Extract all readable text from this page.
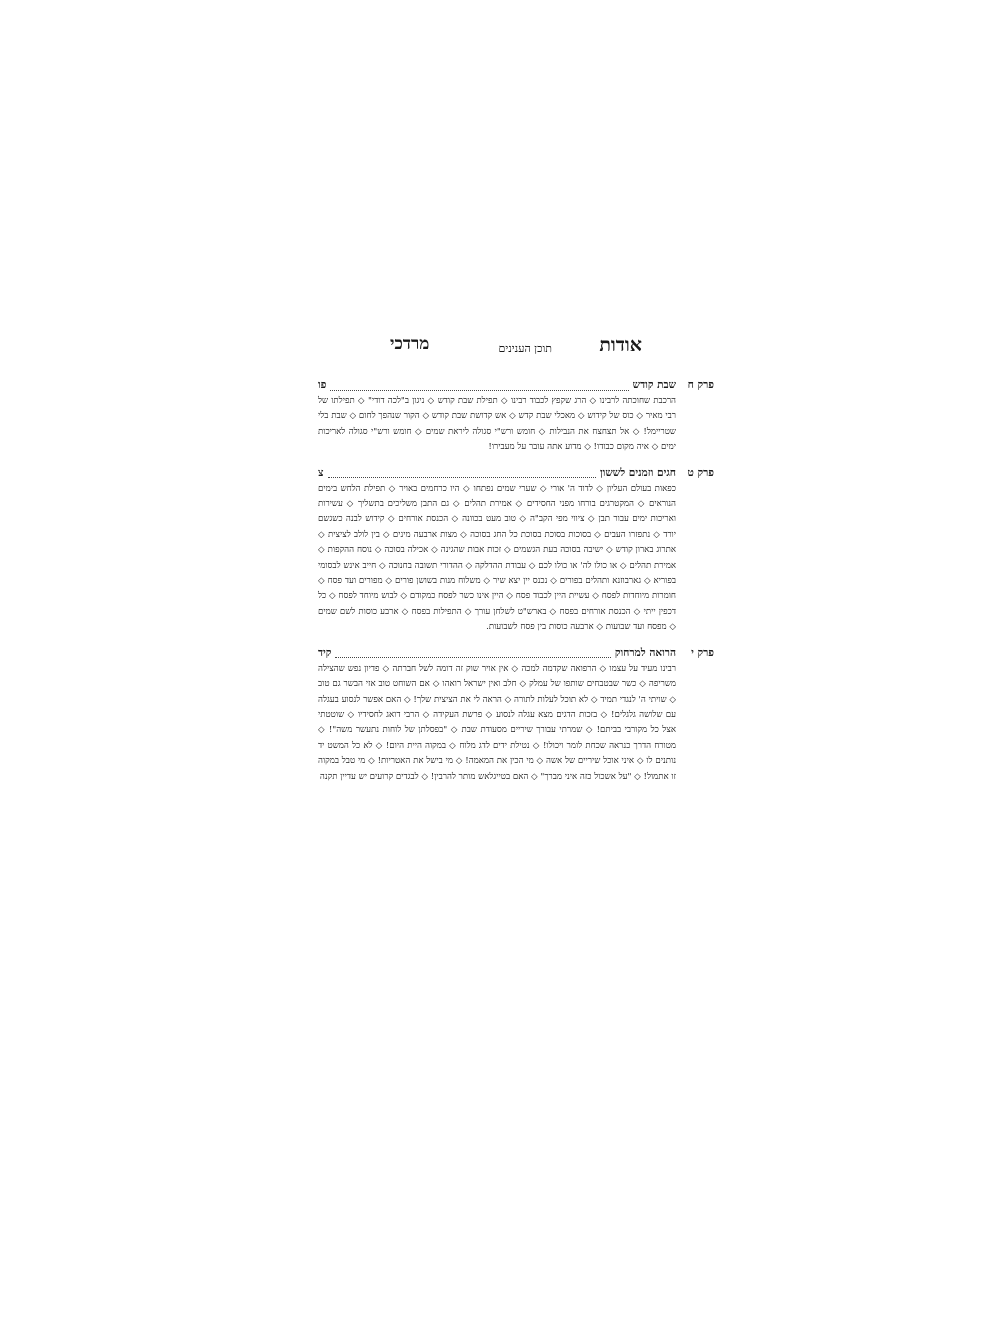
אודות
תוכן הענינים
מרדכי
פרק ח
שבת קודש
פו
הרכבת שחוכתה לרבינו ◇ הרג שקפץ לכבוד רבינו ◇ תפילת שבת קודש ◇ ניגון ב"לכה דודי" ◇ תפילתו של רבי מאיר ◇ כוס של קידוש ◇ מאכלי שבת קדש ◇ אש קדושת שבת קודש ◇ הקור שנהפך לחום ◇ שבת בלי שטריימל! ◇ אל תצחצח את הנבילות ◇ חומש ורש"י סגולה ליראת שמים ◇ חומש ורש"י סגולה לאריכות ימים ◇ איה מקום כבודו! ◇ מדוע אתה עובר על מעבירו!
פרק ט
חגים וזמנים לששון
צ
כפאות בעולם העליון ◇ לדוד ה' אורי ◇ שערי שמים נפתחו ◇ היו כרחמים באויר ◇ תפילת הלחש בימים הנוראים ◇ המקטרגים בורחו מפני החסידים ◇ אמירת תהלים ◇ גם התבן משליכים בתשליך ◇ עשירות ואריכות ימים עבור תבן ◇ ציווי מפי הקב"ה ◇ טוב מעט בכוונה ◇ הכנסת אורחים ◇ קידוש לבנה כשגשם יורד ◇ נתפזרו העבים ◇ בסוכות בסוכת בסוכת כל החג בסוכה ◇ מצות ארבעה מינים ◇ בין לולב לציצית ◇ אתרוג בארון קודש ◇ ישיבה בסוכה בעת הגשמים ◇ זכות אבות שהגינה ◇ אכילה בסוכה ◇ נוסח ההקפות ◇ אמירת תהלים ◇ או כולו לה' או כולו לכם ◇ עבודת ההדלקה ◇ ההדורי תשובה בחנוכה ◇ חייב אינש לבסומי בפוריא ◇ גארבוזנא ותהלים בפורים ◇ נכנס יין יצא שיר ◇ משלוח מנות בשושן פורים ◇ מפורים ועד פסח ◇ חומרות מיוחדות לפסח ◇ עשיית היין לכבוד פסח ◇ היין אינו כשר לפסח כמקודם ◇ לבוש מיוחד לפסח ◇ כל דכפין ייתי ◇ הכנסת אורחים בפסח ◇ בארש"ט לשלחן עורך ◇ התפילות בפסח ◇ ארבע כוסות לשם שמים ◇ מפסח ועד שבועות ◇ ארבעה כוסות בין פסח לשבועות.
פרק י
הרואה למרחוק
קיד
רבינו מעיד על עצמו ◇ הרפואה שקדמה למכה ◇ אין אויר שוק זה דומה לשל חברתה ◇ פדיון נפש שהצילה משריפה ◇ כשר שבטבחים שותפו של עמלק ◇ חלב ואין ישראל רואהו ◇ אם השוחט טוב אזי הבשר גם טוב ◇ שויתי ה' לנגדי תמיד ◇ לא תוכל לעלות לתורה ◇ הראה לי את הציצית שלך! ◇ האם אפשר לנסוע בעגלה עם שלושה גלגלים! ◇ בזכות הדגים מצא עגלה לנסוע ◇ פרשת העקידה ◇ הרבי דואג לחסידיו ◇ שוטטתי אצל כל מקורבי בביתם! ◇ שמרתי עבורך שיריים מסעודת שבת ◇ "בפסלתן של לוחות נתעשר משה"! ◇ מטורח הדרך כנראה שכחת לומר ויכולו! ◇ נטילת ידים לדג מלוח ◇ במקוה היית היום! ◇ לא כל המשט יד נותנים לו ◇ איני אוכל שיריים של אשה ◇ מי הכין את המאמה! ◇ מי בישל את האטריות! ◇ מי טבל במקוה זו אתמול! ◇ "על אשכול כזה איני מברך" ◇ האם בטייגלאש מותר להרבין! ◇ לבגדים קרועים יש עדיין תקנה
